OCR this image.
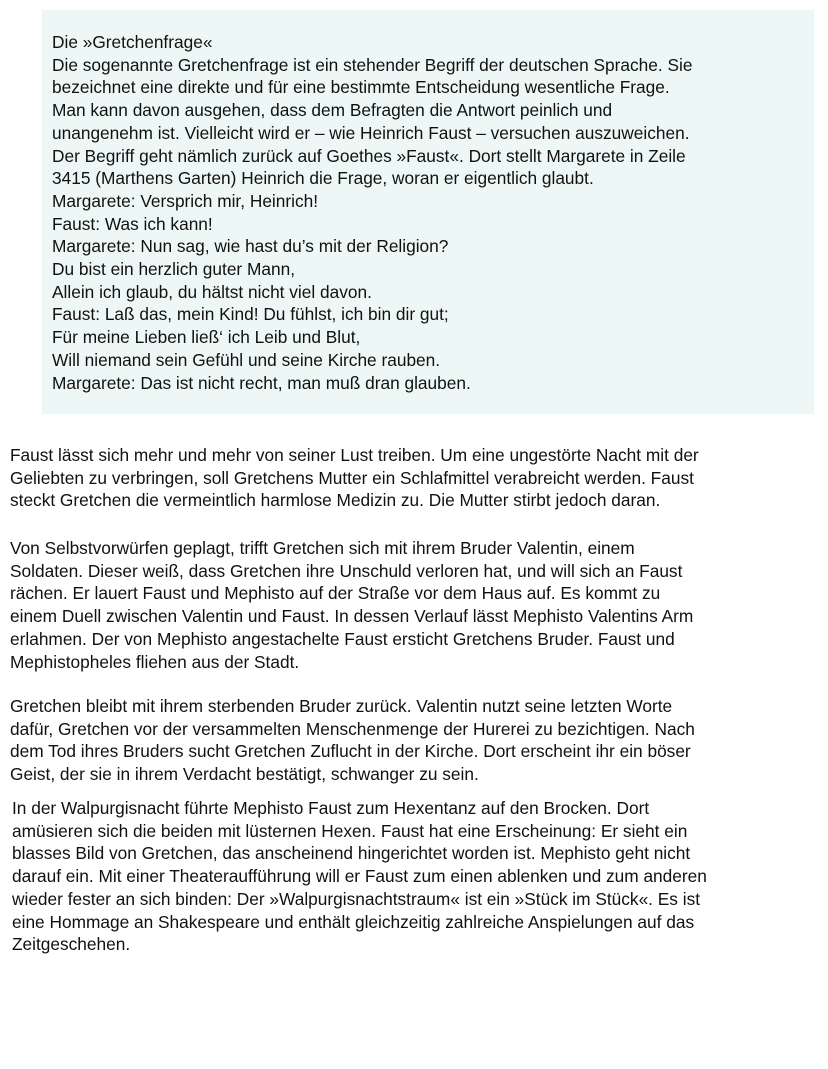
Die »Gretchenfrage«
Die sogenannte Gretchenfrage ist ein stehender Begriff der deutschen Sprache. Sie
bezeichnet eine direkte und für eine bestimmte Entscheidung wesentliche Frage.
Man kann davon ausgehen, dass dem Befragten die Antwort peinlich und
unangenehm ist. Vielleicht wird er – wie Heinrich Faust – versuchen auszuweichen.
Der Begriff geht nämlich zurück auf Goethes »Faust«. Dort stellt Margarete in Zeile
3415 (Marthens Garten) Heinrich die Frage, woran er eigentlich glaubt.
Margarete: Versprich mir, Heinrich!
Faust: Was ich kann!
Margarete: Nun sag, wie hast du’s mit der Religion?
Du bist ein herzlich guter Mann,
Allein ich glaub, du hältst nicht viel davon.
Faust: Laß das, mein Kind! Du fühlst, ich bin dir gut;
Für meine Lieben ließ‘ ich Leib und Blut,
Will niemand sein Gefühl und seine Kirche rauben.
Margarete: Das ist nicht recht, man muß dran glauben.
Faust lässt sich mehr und mehr von seiner Lust treiben. Um eine ungestörte Nacht mit der
Geliebten zu verbringen, soll Gretchens Mutter ein Schlafmittel verabreicht werden. Faust
steckt Gretchen die vermeintlich harmlose Medizin zu. Die Mutter stirbt jedoch daran.
Von Selbstvorwürfen geplagt, trifft Gretchen sich mit ihrem Bruder Valentin, einem
Soldaten. Dieser weiß, dass Gretchen ihre Unschuld verloren hat, und will sich an Faust
rächen. Er lauert Faust und Mephisto auf der Straße vor dem Haus auf. Es kommt zu
einem Duell zwischen Valentin und Faust. In dessen Verlauf lässt Mephisto Valentins Arm
erlahmen. Der von Mephisto angestachelte Faust ersticht Gretchens Bruder. Faust und
Mephistopheles fliehen aus der Stadt.
Gretchen bleibt mit ihrem sterbenden Bruder zurück. Valentin nutzt seine letzten Worte
dafür, Gretchen vor der versammelten Menschenmenge der Hurerei zu bezichtigen. Nach
dem Tod ihres Bruders sucht Gretchen Zuflucht in der Kirche. Dort erscheint ihr ein böser
Geist, der sie in ihrem Verdacht bestätigt, schwanger zu sein.
In der Walpurgisnacht führte Mephisto Faust zum Hexentanz auf den Brocken. Dort
amüsieren sich die beiden mit lüsternen Hexen. Faust hat eine Erscheinung: Er sieht ein
blasses Bild von Gretchen, das anscheinend hingerichtet worden ist. Mephisto geht nicht
darauf ein. Mit einer Theateraufführung will er Faust zum einen ablenken und zum anderen
wieder fester an sich binden: Der »Walpurgisnachtstraum« ist ein »Stück im Stück«. Es ist
eine Hommage an Shakespeare und enthält gleichzeitig zahlreiche Anspielungen auf das
Zeitgeschehen.
